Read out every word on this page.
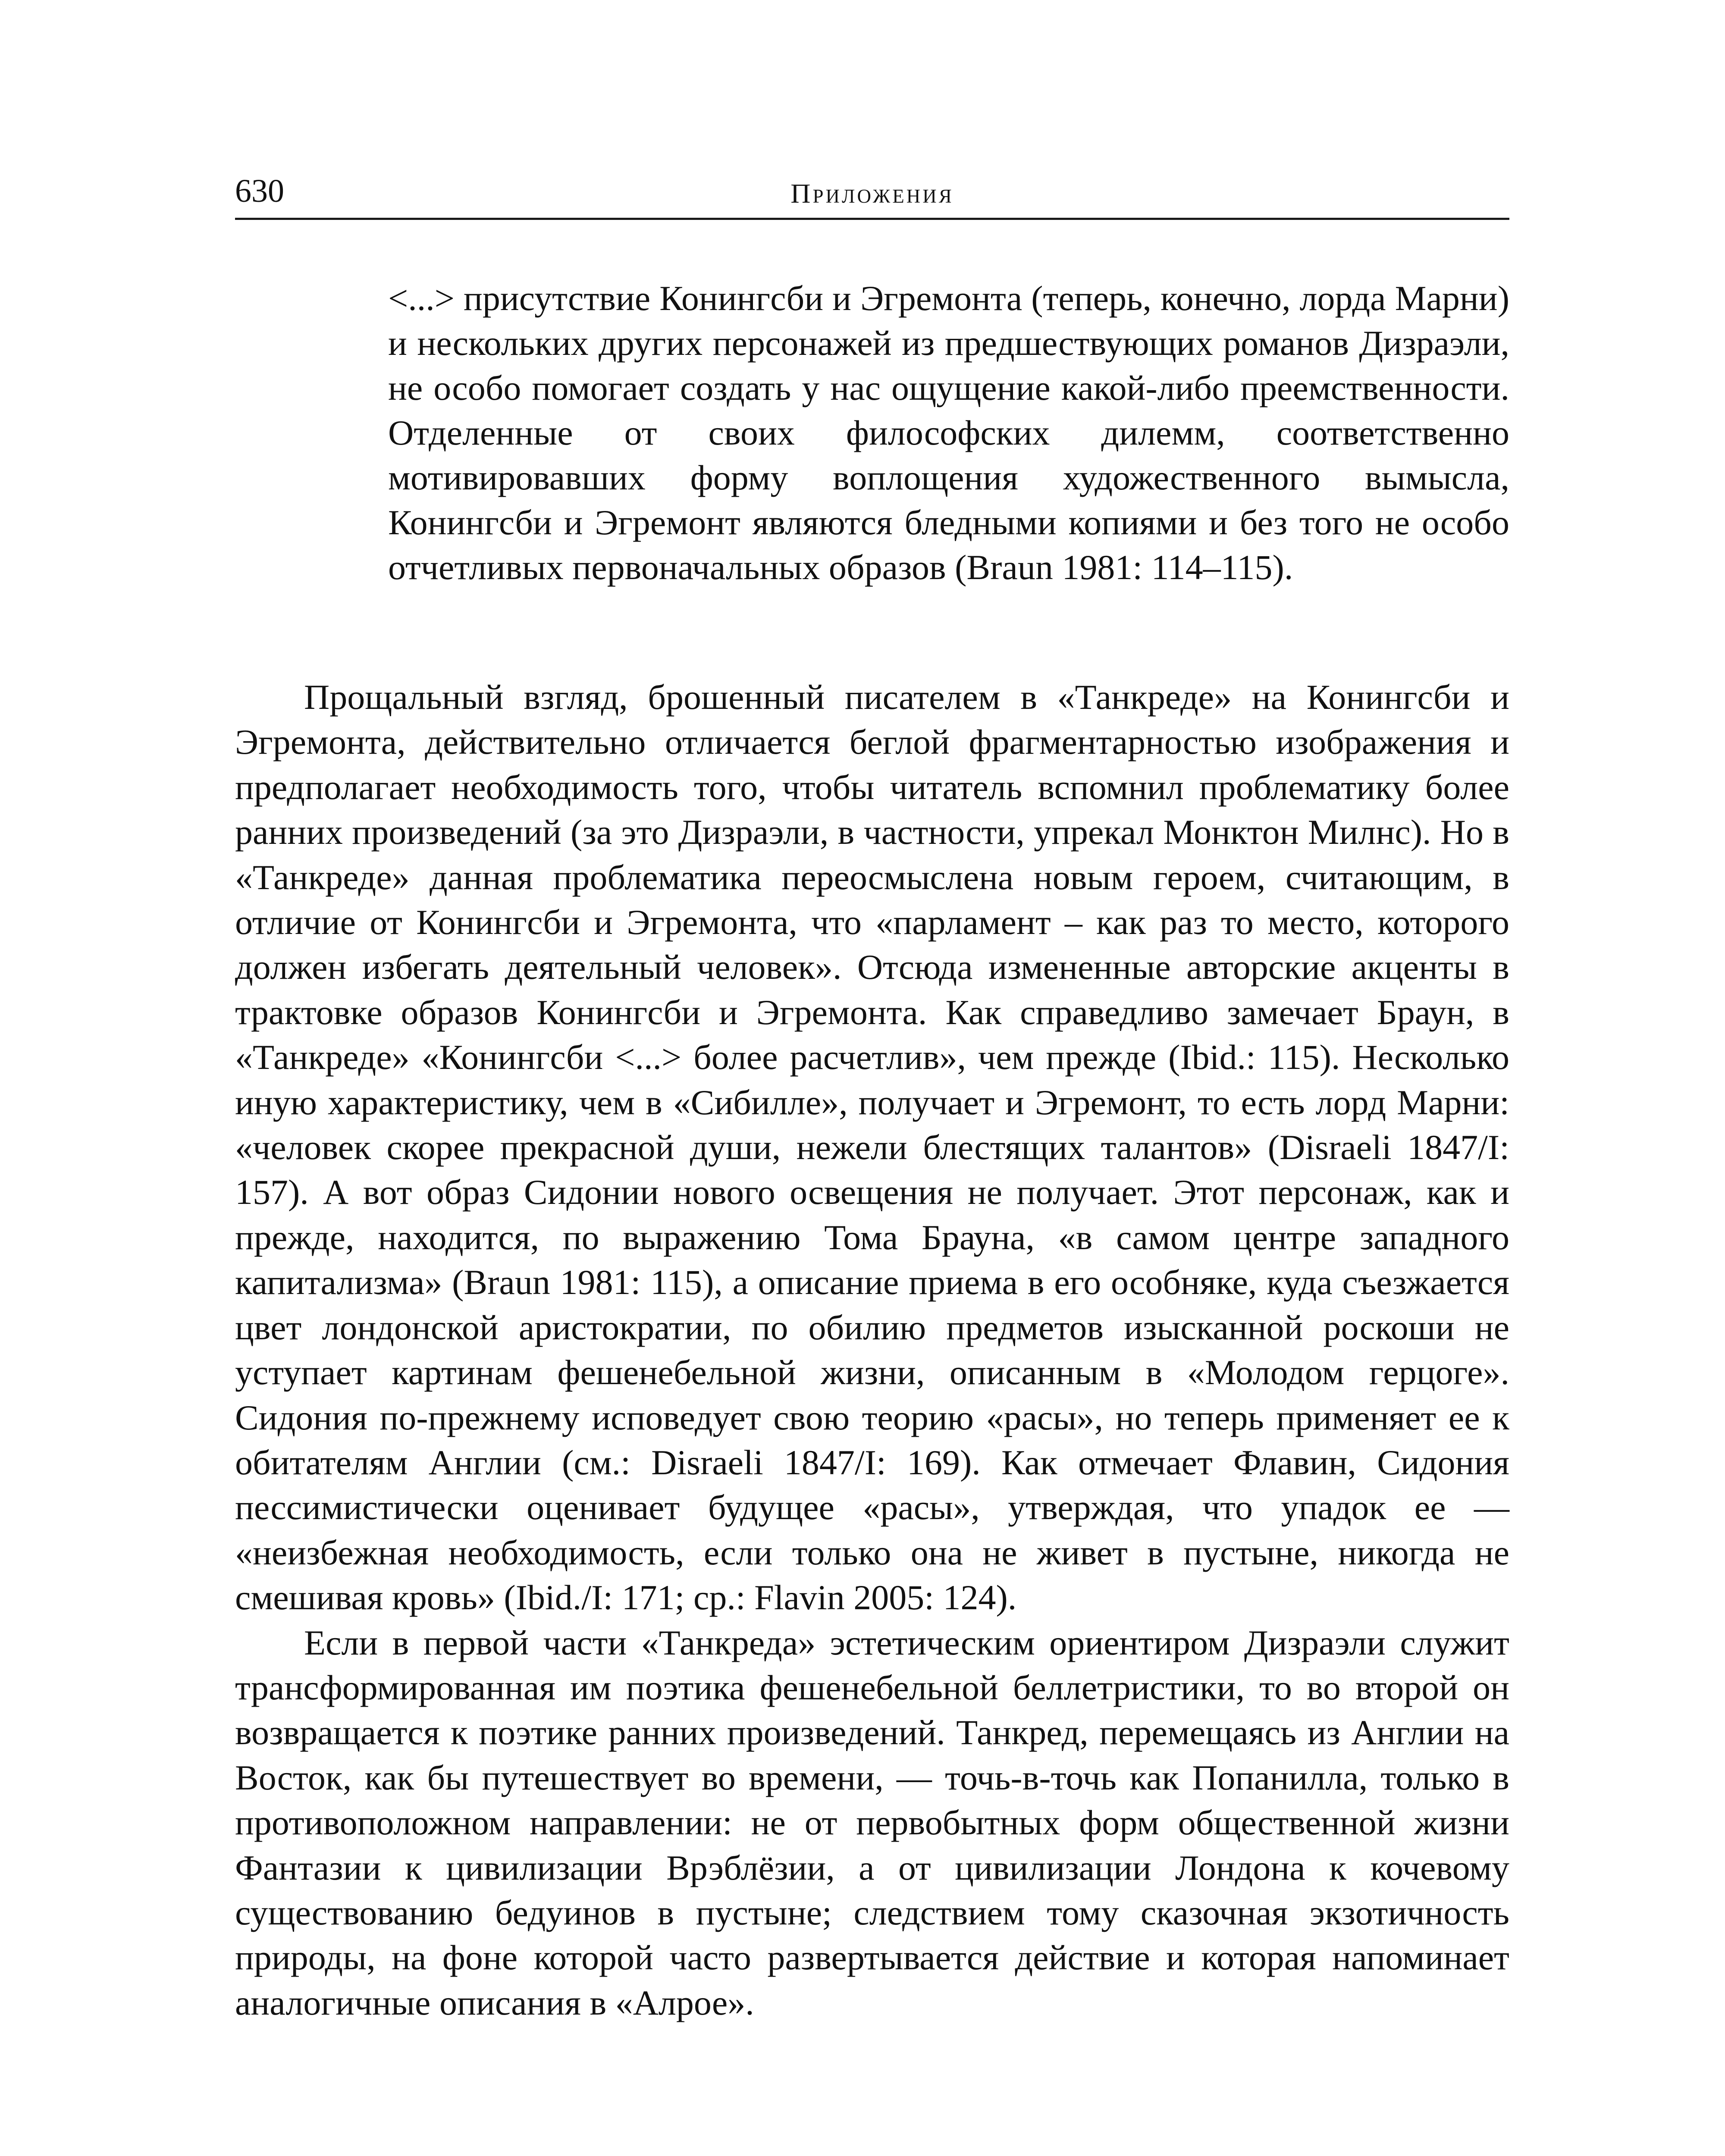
630	Приложения

<...> присутствие Конингсби и Эгремонта (теперь, конечно, лорда Марни) и нескольких других персонажей из предшествующих романов Дизраэли, не особо помогает создать у нас ощущение какой-либо преемственности. Отделенные от своих философских дилемм, соответственно мотивировавших форму воплощения художественного вымысла, Конингсби и Эгремонт являются бледными копиями и без того не особо отчетливых первоначальных образов (Braun 1981: 114–115).

Прощальный взгляд, брошенный писателем в «Танкреде» на Конингсби и Эгремонта, действительно отличается беглой фрагментарностью изображения и предполагает необходимость того, чтобы читатель вспомнил проблематику более ранних произведений (за это Дизраэли, в частности, упрекал Монктон Милнс). Но в «Танкреде» данная проблематика переосмыслена новым героем, считающим, в отличие от Конингсби и Эгремонта, что «парламент – как раз то место, которого должен избегать деятельный человек». Отсюда измененные авторские акценты в трактовке образов Конингсби и Эгремонта. Как справедливо замечает Браун, в «Танкреде» «Конингсби <...> более расчетлив», чем прежде (Ibid.: 115). Несколько иную характеристику, чем в «Сибилле», получает и Эгремонт, то есть лорд Марни: «человек скорее прекрасной души, нежели блестящих талантов» (Disraeli 1847/I: 157). А вот образ Сидонии нового освещения не получает. Этот персонаж, как и прежде, находится, по выражению Тома Брауна, «в самом центре западного капитализма» (Braun 1981: 115), а описание приема в его особняке, куда съезжается цвет лондонской аристократии, по обилию предметов изысканной роскоши не уступает картинам фешенебельной жизни, описанным в «Молодом герцоге». Сидония по-прежнему исповедует свою теорию «расы», но теперь применяет ее к обитателям Англии (см.: Disraeli 1847/I: 169). Как отмечает Флавин, Сидония пессимистически оценивает будущее «расы», утверждая, что упадок ее — «неизбежная необходимость, если только она не живет в пустыне, никогда не смешивая кровь» (Ibid./I: 171; ср.: Flavin 2005: 124).

Если в первой части «Танкреда» эстетическим ориентиром Дизраэли служит трансформированная им поэтика фешенебельной беллетристики, то во второй он возвращается к поэтике ранних произведений. Танкред, перемещаясь из Англии на Восток, как бы путешествует во времени, — точь-в-точь как Попанилла, только в противоположном направлении: не от первобытных форм общественной жизни Фантазии к цивилизации Врэблёзии, а от цивилизации Лондона к кочевому существованию бедуинов в пустыне; следствием тому сказочная экзотичность природы, на фоне которой часто развертывается действие и которая напоминает аналогичные описания в «Алрое».
